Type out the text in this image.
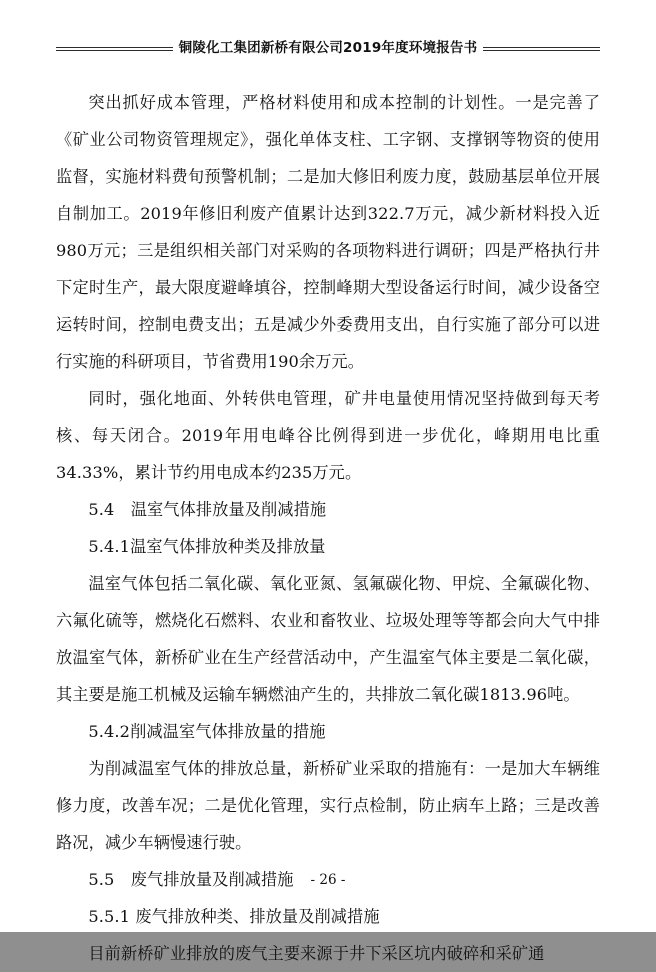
铜陵化工集团新桥有限公司2019年度环境报告书

突出抓好成本管理，严格材料使用和成本控制的计划性。一是完善了《矿业公司物资管理规定》，强化单体支柱、工字钢、支撑钢等物资的使用监督，实施材料费旬预警机制；二是加大修旧利废力度，鼓励基层单位开展自制加工。2019年修旧利废产值累计达到322.7万元，减少新材料投入近980万元；三是组织相关部门对采购的各项物料进行调研；四是严格执行井下定时生产，最大限度避峰填谷，控制峰期大型设备运行时间，减少设备空运转时间，控制电费支出；五是减少外委费用支出，自行实施了部分可以进行实施的科研项目，节省费用190余万元。

同时，强化地面、外转供电管理，矿井电量使用情况坚持做到每天考核、每天闭合。2019年用电峰谷比例得到进一步优化，峰期用电比重34.33%，累计节约用电成本约235万元。

5.4　温室气体排放量及削减措施

5.4.1温室气体排放种类及排放量

温室气体包括二氧化碳、氧化亚氮、氢氟碳化物、甲烷、全氟碳化物、六氟化硫等，燃烧化石燃料、农业和畜牧业、垃圾处理等等都会向大气中排放温室气体，新桥矿业在生产经营活动中，产生温室气体主要是二氧化碳，其主要是施工机械及运输车辆燃油产生的，共排放二氧化碳1813.96吨。

5.4.2削减温室气体排放量的措施

为削减温室气体的排放总量，新桥矿业采取的措施有：一是加大车辆维修力度，改善车况；二是优化管理，实行点检制，防止病车上路；三是改善路况，减少车辆慢速行驶。

5.5　废气排放量及削减措施

5.5.1 废气排放种类、排放量及削减措施

目前新桥矿业排放的废气主要来源于井下采区坑内破碎和采矿通

- 26 -
